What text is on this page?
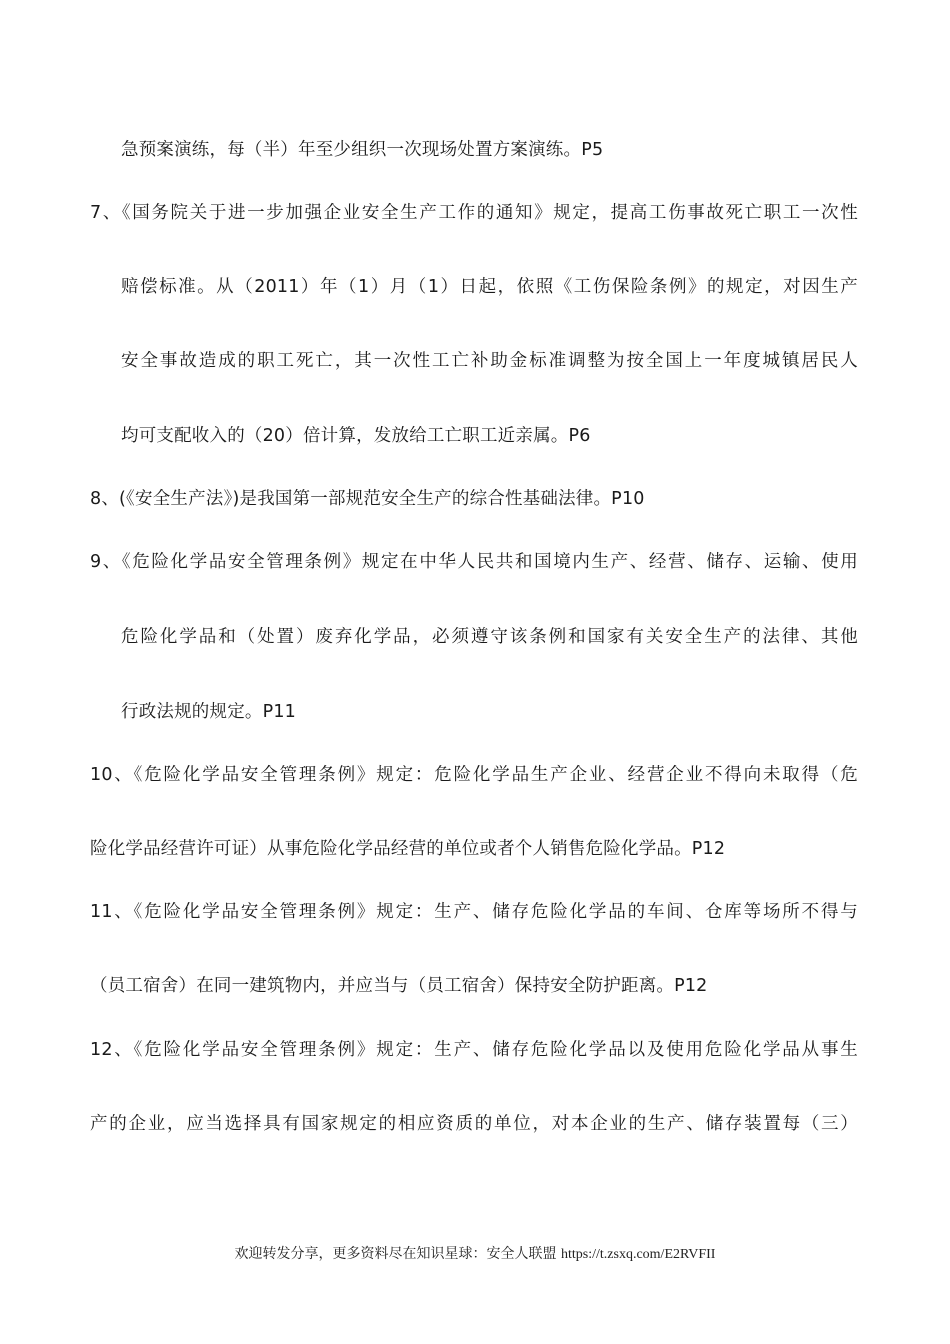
急预案演练，每（半）年至少组织一次现场处置方案演练。P5
7、《国务院关于进一步加强企业安全生产工作的通知》规定，提高工伤事故死亡职工一次性
赔偿标准。从（2011）年（1）月（1）日起，依照《工伤保险条例》的规定，对因生产
安全事故造成的职工死亡，其一次性工亡补助金标准调整为按全国上一年度城镇居民人
均可支配收入的（20）倍计算，发放给工亡职工近亲属。P6
8、(《安全生产法》)是我国第一部规范安全生产的综合性基础法律。P10
9、《危险化学品安全管理条例》规定在中华人民共和国境内生产、经营、储存、运输、使用
危险化学品和（处置）废弃化学品，必须遵守该条例和国家有关安全生产的法律、其他
行政法规的规定。P11
10、《危险化学品安全管理条例》规定：危险化学品生产企业、经营企业不得向未取得（危
险化学品经营许可证）从事危险化学品经营的单位或者个人销售危险化学品。P12
11、《危险化学品安全管理条例》规定：生产、储存危险化学品的车间、仓库等场所不得与
（员工宿舍）在同一建筑物内，并应当与（员工宿舍）保持安全防护距离。P12
12、《危险化学品安全管理条例》规定：生产、储存危险化学品以及使用危险化学品从事生
产的企业，应当选择具有国家规定的相应资质的单位，对本企业的生产、储存装置每（三）
欢迎转发分享，更多资料尽在知识星球：安全人联盟 https://t.zsxq.com/E2RVFII
